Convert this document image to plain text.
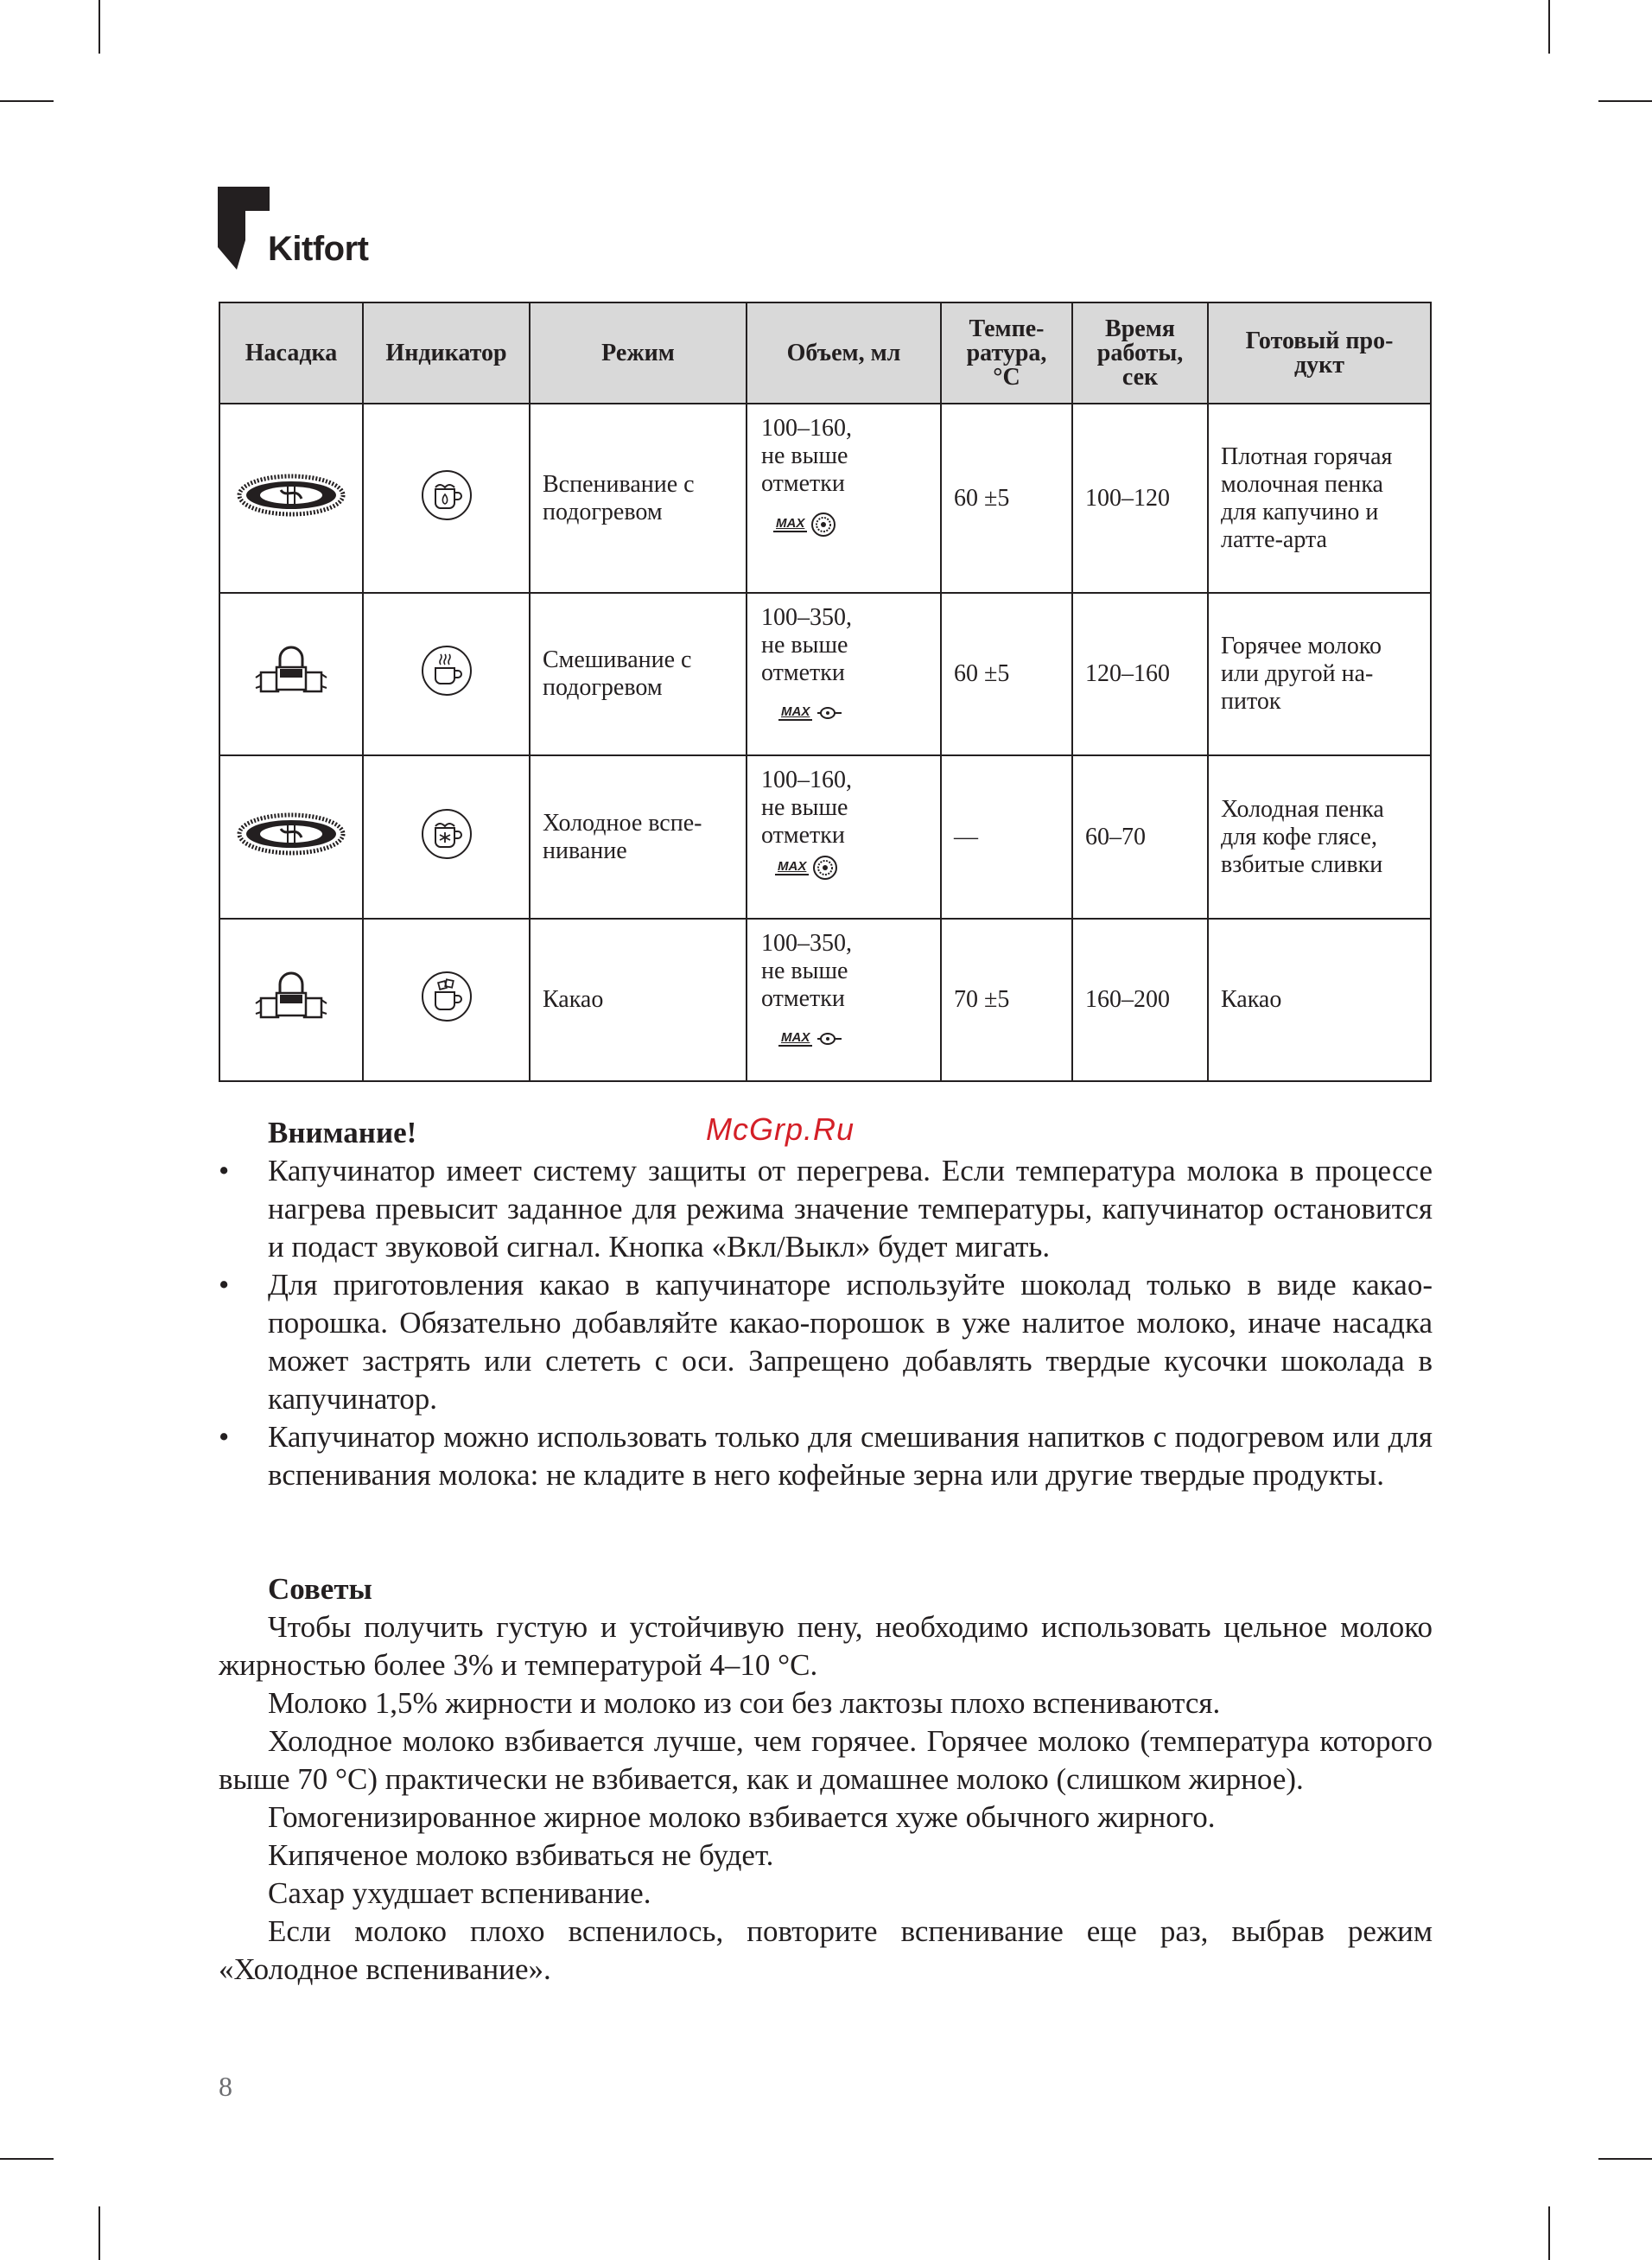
Kitfort
Насадка	Индикатор	Режим	Объем, мл	Темпе-ратура, °C	Время работы, сек	Готовый про-дукт
		Вспенивание с подогревом	100–160,
не выше
отметки
MAX	60 ±5	100–120	Плотная горячая молочная пенка для капучино и латте-арта
		Смешивание с подогревом	100–350,
не выше
отметки
MAX	60 ±5	120–160	Горячее молоко или другой на-питок
		Холодное вспе-нивание	100–160,
не выше
отметки
MAX	—	60–70	Холодная пенка для кофе глясе, взбитые сливки
		Какао	100–350,
не выше
отметки
MAX	70 ±5	160–200	Какао
McGrp.Ru
Внимание!
• Капучинатор имеет систему защиты от перегрева. Если температура молока в процессе нагрева превысит заданное для режима значение температуры, капучинатор остановится и подаст звуковой сигнал. Кнопка «Вкл/Выкл» будет мигать.
• Для приготовления какао в капучинаторе используйте шоколад только в виде какао-порошка. Обязательно добавляйте какао-порошок в уже налитое молоко, иначе насадка может застрять или слететь с оси. Запрещено добавлять твердые кусочки шоколада в капучинатор.
• Капучинатор можно использовать только для смешивания напитков с подогревом или для вспенивания молока: не кладите в него кофейные зерна или другие твердые продукты.
Советы

Чтобы получить густую и устойчивую пену, необходимо использовать цельное молоко жирностью более 3% и температурой 4–10 °C.

Молоко 1,5% жирности и молоко из сои без лактозы плохо вспениваются.

Холодное молоко взбивается лучше, чем горячее. Горячее молоко (температура которого выше 70 °C) практически не взбивается, как и домашнее молоко (слишком жирное).

Гомогенизированное жирное молоко взбивается хуже обычного жирного.

Кипяченое молоко взбиваться не будет.

Сахар ухудшает вспенивание.

Если молоко плохо вспенилось, повторите вспенивание еще раз, выбрав режим «Холодное вспенивание».

8
